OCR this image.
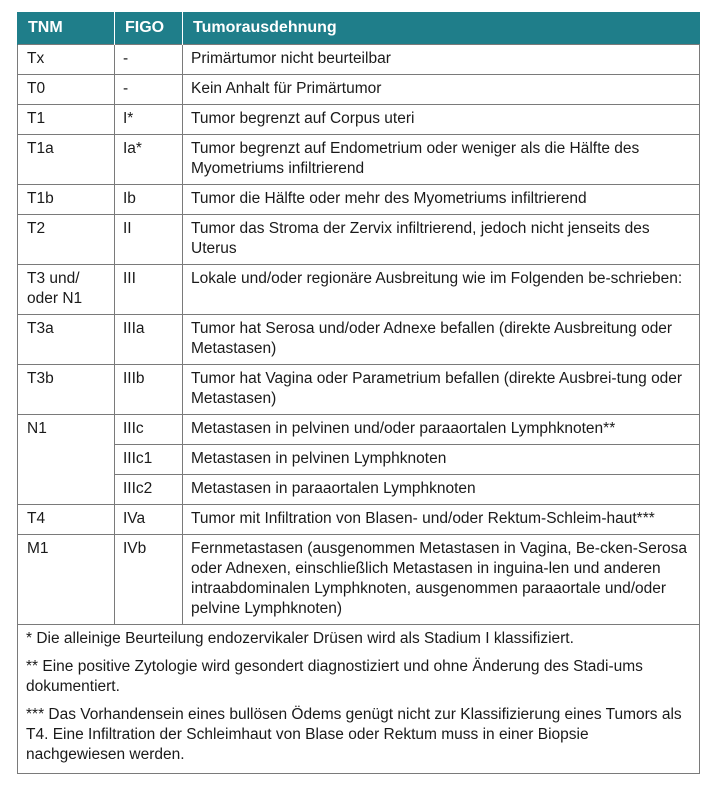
TNM	FIGO	Tumorausdehnung
Tx	-	Primärtumor nicht beurteilbar
T0	-	Kein Anhalt für Primärtumor
T1	I*	Tumor begrenzt auf Corpus uteri
T1a	Ia*	Tumor begrenzt auf Endometrium oder weniger als die Hälfte des Myometriums infiltrierend
T1b	Ib	Tumor die Hälfte oder mehr des Myometriums infiltrierend
T2	II	Tumor das Stroma der Zervix infiltrierend, jedoch nicht jenseits des Uterus
T3 und/ oder N1	III	Lokale und/oder regionäre Ausbreitung wie im Folgenden be-schrieben:
T3a	IIIa	Tumor hat Serosa und/oder Adnexe befallen (direkte Ausbreitung oder Metastasen)
T3b	IIIb	Tumor hat Vagina oder Parametrium befallen (direkte Ausbrei-tung oder Metastasen)
N1	IIIc	Metastasen in pelvinen und/oder paraaortalen Lymphknoten**
	IIIc1	Metastasen in pelvinen Lymphknoten
	IIIc2	Metastasen in paraaortalen Lymphknoten
T4	IVa	Tumor mit Infiltration von Blasen- und/oder Rektum-Schleim-haut***
M1	IVb	Fernmetastasen (ausgenommen Metastasen in Vagina, Be-cken-Serosa oder Adnexen, einschließlich Metastasen in inguina-len und anderen intraabdominalen Lymphknoten, ausgenommen paraaortale und/oder pelvine Lymphknoten)

* Die alleinige Beurteilung endozervikaler Drüsen wird als Stadium I klassifiziert.

** Eine positive Zytologie wird gesondert diagnostiziert und ohne Änderung des Stadi-ums dokumentiert.

*** Das Vorhandensein eines bullösen Ödems genügt nicht zur Klassifizierung eines Tumors als T4. Eine Infiltration der Schleimhaut von Blase oder Rektum muss in einer Biopsie nachgewiesen werden.		
